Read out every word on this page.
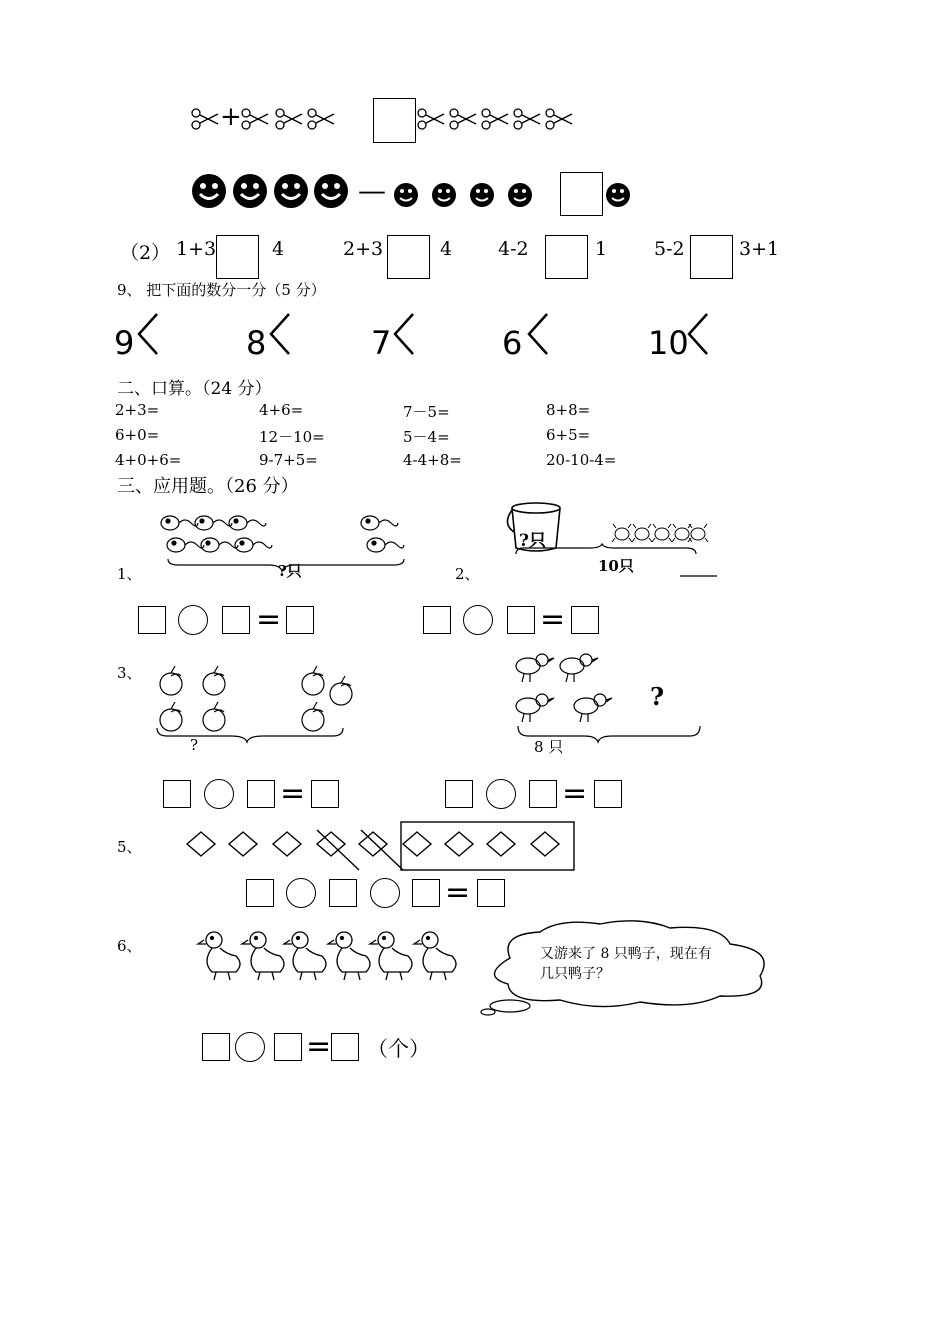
+
—
（2） 1+3	4	2+3	4 4-2	1 5-2	3+1
9、 把下面的数分一分（5 分）
9	8	7	6	10
二、口算。（24 分）
2+3=	4+6=	7－5=	8+8=
6+0=	12－10=	5－4=	6+5=
4+0+6=	9-7+5=	4-4+8=	20-10-4=
三、应用题。（26 分）
1、	?只	2、
?只
10只
=	=
3、
?
?
8 只
=	=
5、
=
6、	又游来了 8 只鸭子，现在有几只鸭子？
= （个）
